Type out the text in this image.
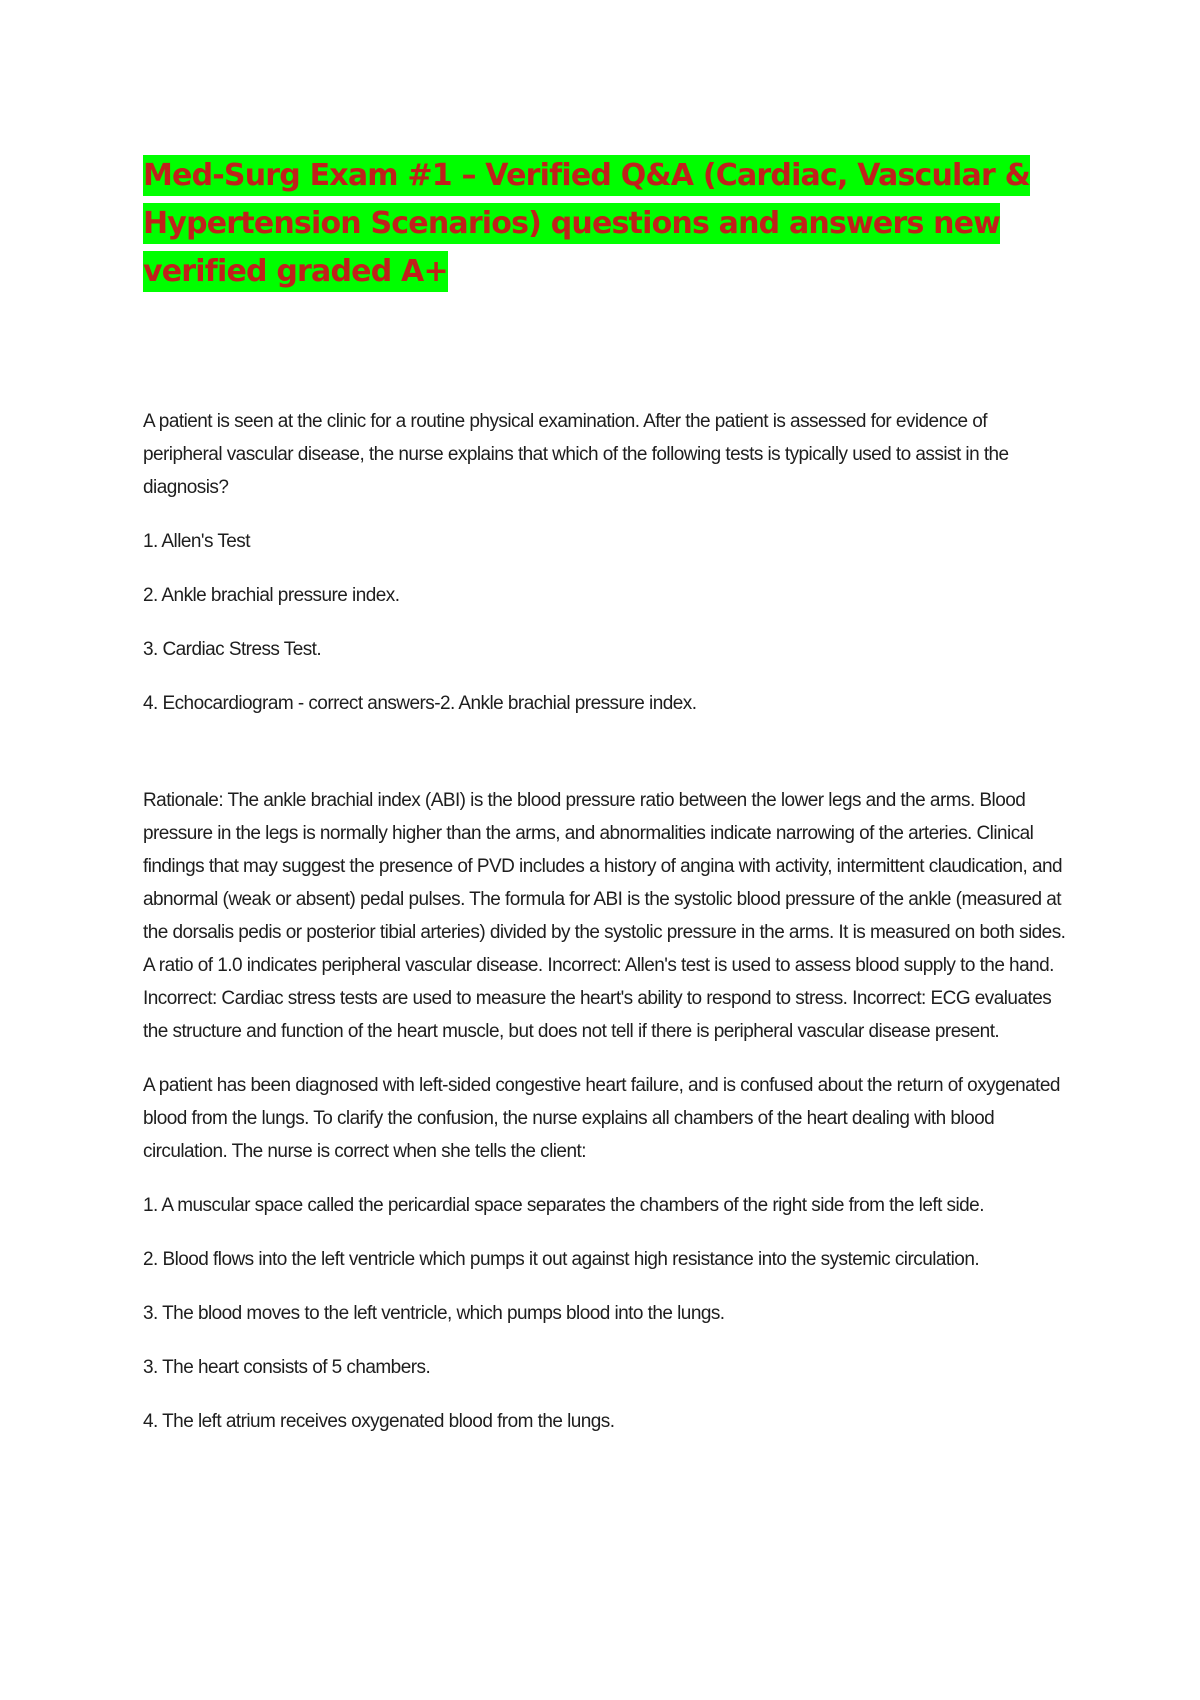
Med-Surg Exam #1 – Verified Q&A (Cardiac, Vascular & Hypertension Scenarios) questions and answers new verified graded A+

A patient is seen at the clinic for a routine physical examination. After the patient is assessed for evidence of peripheral vascular disease, the nurse explains that which of the following tests is typically used to assist in the diagnosis?

1. Allen's Test

2. Ankle brachial pressure index.

3. Cardiac Stress Test.

4. Echocardiogram - correct answers-2. Ankle brachial pressure index.

Rationale: The ankle brachial index (ABI) is the blood pressure ratio between the lower legs and the arms. Blood pressure in the legs is normally higher than the arms, and abnormalities indicate narrowing of the arteries. Clinical findings that may suggest the presence of PVD includes a history of angina with activity, intermittent claudication, and abnormal (weak or absent) pedal pulses. The formula for ABI is the systolic blood pressure of the ankle (measured at the dorsalis pedis or posterior tibial arteries) divided by the systolic pressure in the arms. It is measured on both sides. A ratio of 1.0 indicates peripheral vascular disease. Incorrect: Allen's test is used to assess blood supply to the hand. Incorrect: Cardiac stress tests are used to measure the heart's ability to respond to stress. Incorrect: ECG evaluates the structure and function of the heart muscle, but does not tell if there is peripheral vascular disease present.

A patient has been diagnosed with left-sided congestive heart failure, and is confused about the return of oxygenated blood from the lungs. To clarify the confusion, the nurse explains all chambers of the heart dealing with blood circulation. The nurse is correct when she tells the client:

1. A muscular space called the pericardial space separates the chambers of the right side from the left side.

2. Blood flows into the left ventricle which pumps it out against high resistance into the systemic circulation.

3. The blood moves to the left ventricle, which pumps blood into the lungs.

3. The heart consists of 5 chambers.

4. The left atrium receives oxygenated blood from the lungs.
